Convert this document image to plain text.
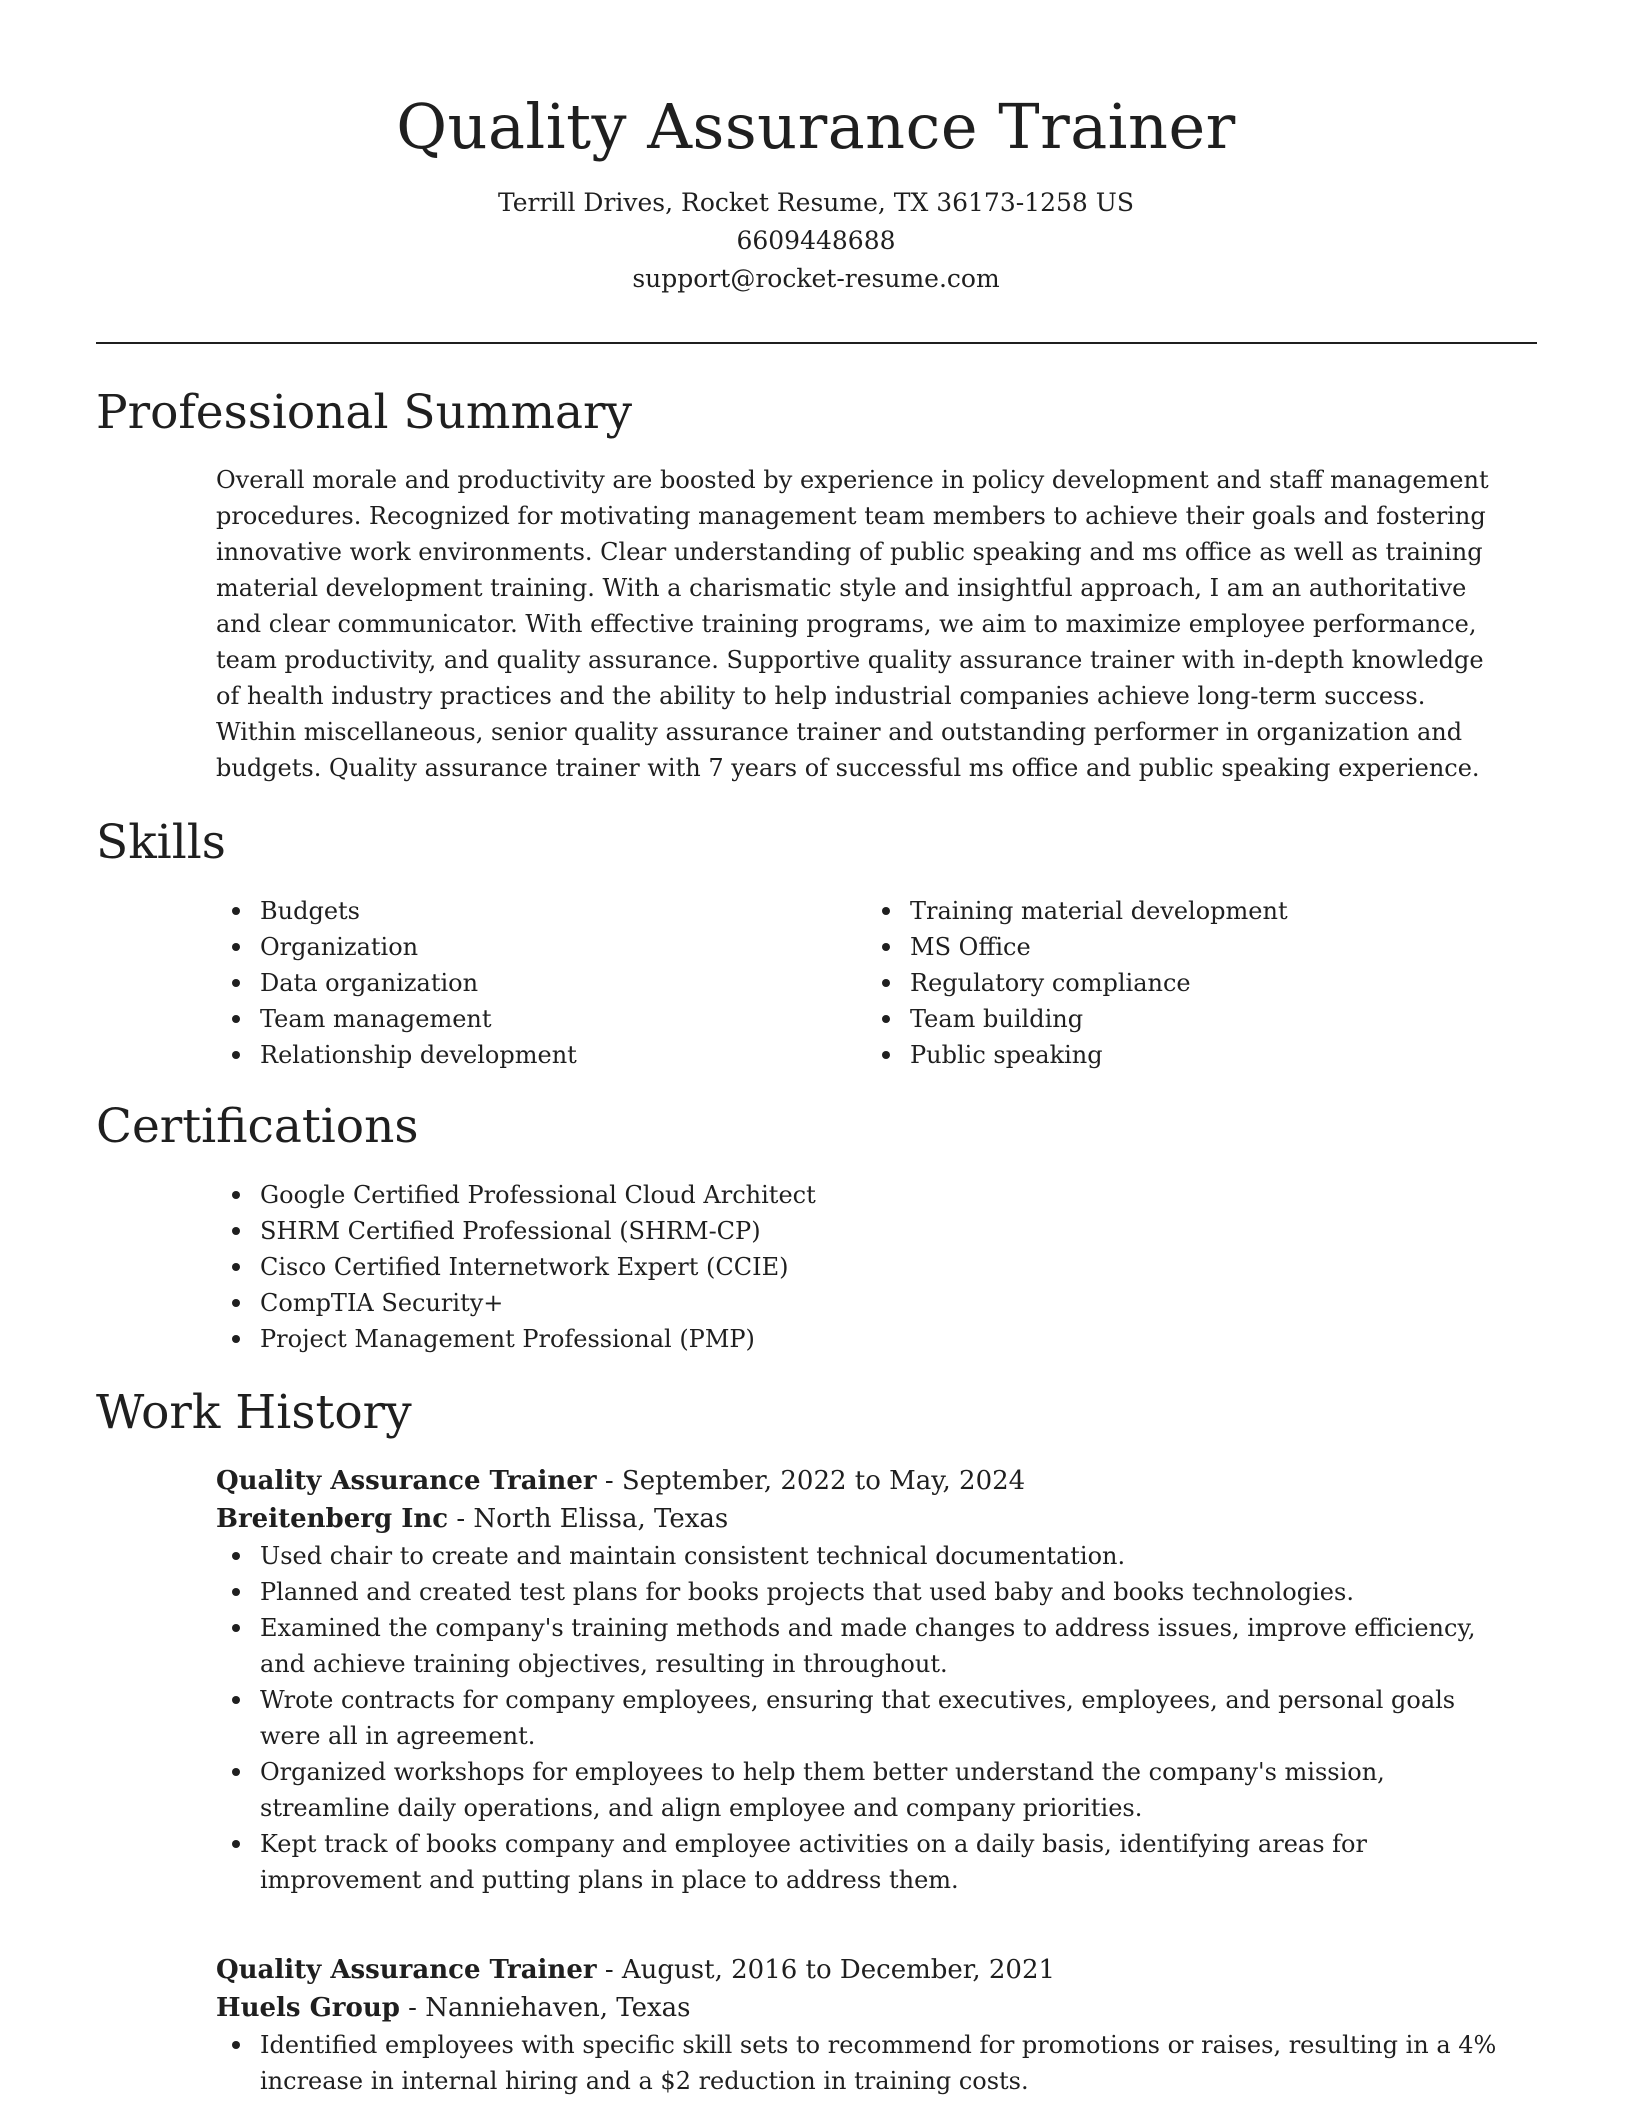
Quality Assurance Trainer
Terrill Drives, Rocket Resume, TX 36173-1258 US
6609448688
support@rocket-resume.com
Professional Summary

Overall morale and productivity are boosted by experience in policy development and staff management procedures. Recognized for motivating management team members to achieve their goals and fostering innovative work environments. Clear understanding of public speaking and ms office as well as training material development training. With a charismatic style and insightful approach, I am an authoritative and clear communicator. With effective training programs, we aim to maximize employee performance, team productivity, and quality assurance. Supportive quality assurance trainer with in-depth knowledge of health industry practices and the ability to help industrial companies achieve long-term success. Within miscellaneous, senior quality assurance trainer and outstanding performer in organization and budgets. Quality assurance trainer with 7 years of successful ms office and public speaking experience.

Skills
Budgets
Organization
Data organization
Team management
Relationship development
Training material development
MS Office
Regulatory compliance
Team building
Public speaking
Certifications
Google Certified Professional Cloud Architect
SHRM Certified Professional (SHRM-CP)
Cisco Certified Internetwork Expert (CCIE)
CompTIA Security+
Project Management Professional (PMP)
Work History
Quality Assurance Trainer - September, 2022 to May, 2024
Breitenberg Inc - North Elissa, Texas
Used chair to create and maintain consistent technical documentation.
Planned and created test plans for books projects that used baby and books technologies.
Examined the company's training methods and made changes to address issues, improve efficiency, and achieve training objectives, resulting in throughout.
Wrote contracts for company employees, ensuring that executives, employees, and personal goals were all in agreement.
Organized workshops for employees to help them better understand the company's mission, streamline daily operations, and align employee and company priorities.
Kept track of books company and employee activities on a daily basis, identifying areas for improvement and putting plans in place to address them.
Quality Assurance Trainer - August, 2016 to December, 2021
Huels Group - Nanniehaven, Texas
Identified employees with specific skill sets to recommend for promotions or raises, resulting in a 4% increase in internal hiring and a $2 reduction in training costs.
